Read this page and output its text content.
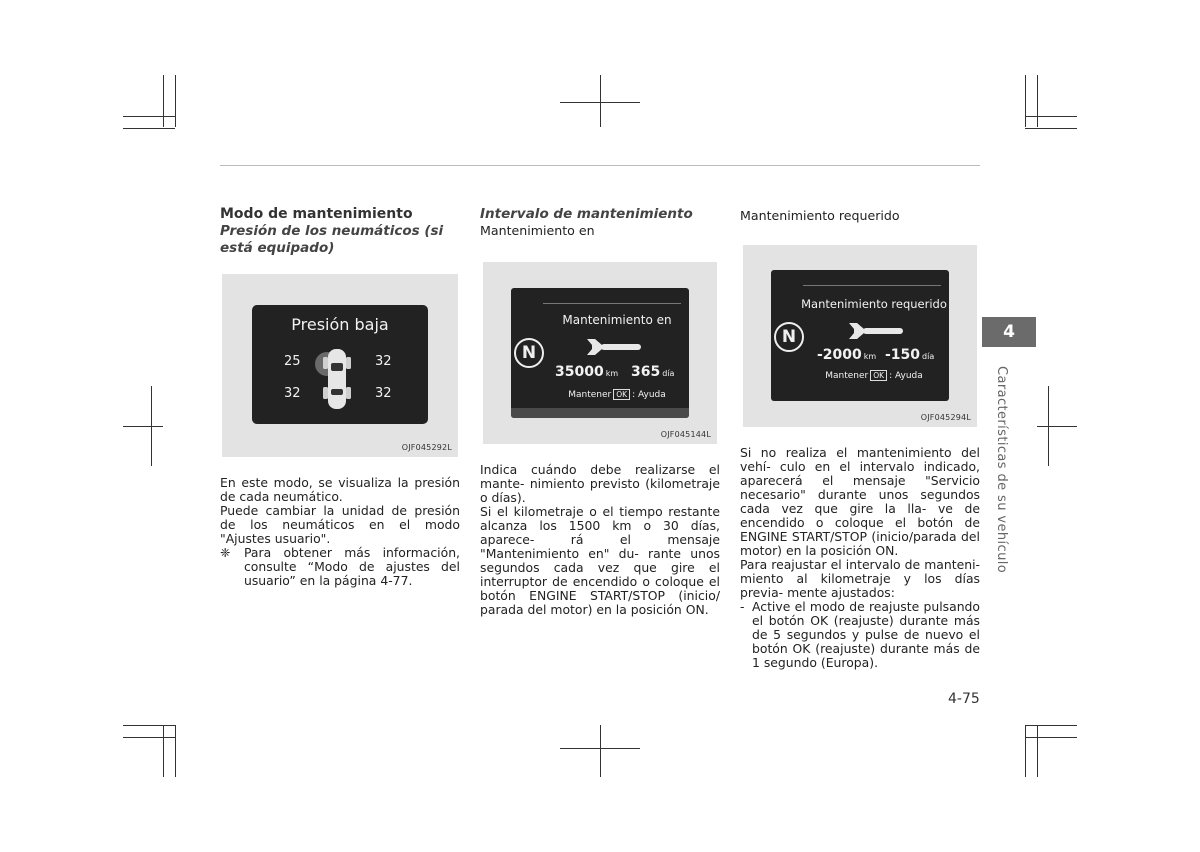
Modo de mantenimiento
Presión de los neumáticos (si está equipado)
Presión baja
25	32
32	32
OJF045292L

En este modo, se visualiza la presión de cada neumático.

Puede cambiar la unidad de presión de los neumáticos en el modo "Ajustes usuario".

❈ Para obtener más información, consulte “Modo de ajustes del usuario” en la página 4-77.

Intervalo de mantenimiento
Mantenimiento en
N
Mantenimiento en
35000 km 365 día
Mantener OK : Ayuda
OJF045144L

Indica cuándo debe realizarse el mante- nimiento previsto (kilometraje o días).

Si el kilometraje o el tiempo restante alcanza los 1500 km o 30 días, aparece- rá el mensaje "Mantenimiento en" du- rante unos segundos cada vez que gire el interruptor de encendido o coloque el botón ENGINE START/STOP (inicio/ parada del motor) en la posición ON.

Mantenimiento requerido
N
Mantenimiento requerido
-2000 km -150 día
Mantener OK : Ayuda
OJF045294L

Si no realiza el mantenimiento del vehí- culo en el intervalo indicado, aparecerá el mensaje "Servicio necesario" durante unos segundos cada vez que gire la lla- ve de encendido o coloque el botón de ENGINE START/STOP (inicio/parada del motor) en la posición ON.

Para reajustar el intervalo de manteni- miento al kilometraje y los días previa- mente ajustados:

- Active el modo de reajuste pulsando el botón OK (reajuste) durante más de 5 segundos y pulse de nuevo el botón OK (reajuste) durante más de 1 segundo (Europa).

4
Características de su vehículo
4-75
